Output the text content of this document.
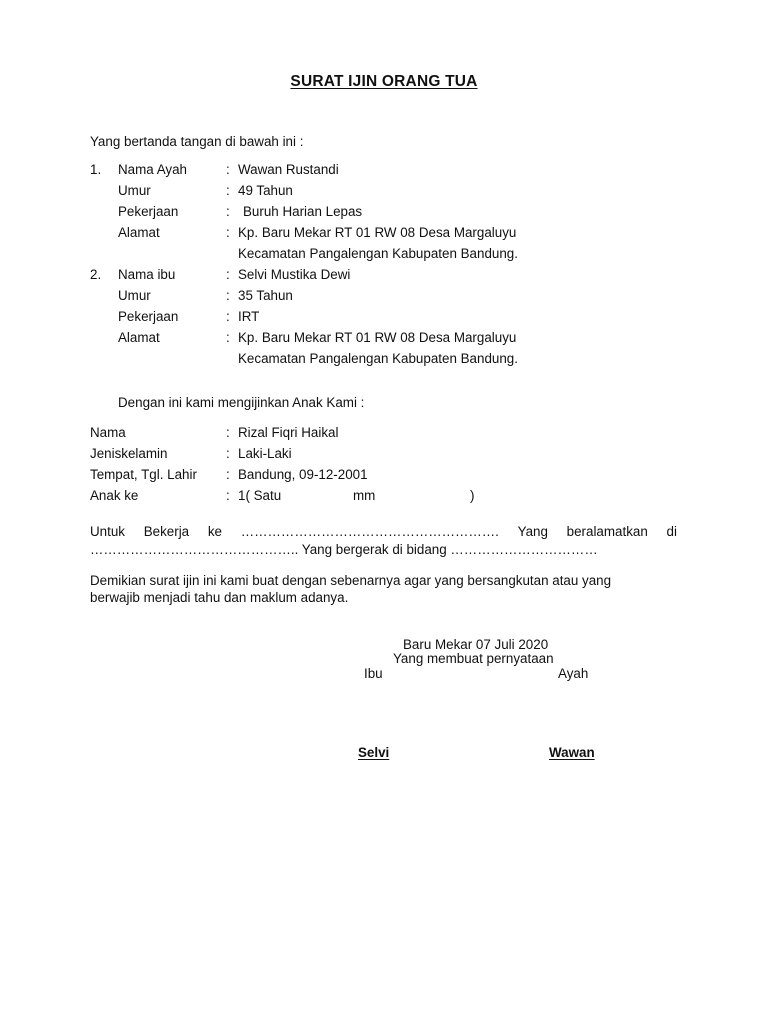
SURAT IJIN ORANG TUA
Yang bertanda tangan di bawah ini :
1. Nama Ayah	: Wawan Rustandi
Umur	: 49 Tahun
Pekerjaan	: Buruh Harian Lepas
Alamat	: Kp. Baru Mekar RT 01 RW 08 Desa Margaluyu
Kecamatan Pangalengan Kabupaten Bandung.
2. Nama ibu	: Selvi Mustika Dewi
Umur	: 35 Tahun
Pekerjaan	: IRT
Alamat	: Kp. Baru Mekar RT 01 RW 08 Desa Margaluyu
Kecamatan Pangalengan Kabupaten Bandung.
Dengan ini kami mengijinkan Anak Kami :
Nama	: Rizal Fiqri Haikal
Jeniskelamin	: Laki-Laki
Tempat, Tgl. Lahir : Bandung, 09-12-2001
Anak ke	: 1( Satu	mm	)
Untuk Bekerja ke …………………………………………………. Yang beralamatkan di
……………………………………….. Yang bergerak di bidang ……………………………
Demikian surat ijin ini kami buat dengan sebenarnya agar yang bersangkutan atau yang
berwajib menjadi tahu dan maklum adanya.
Baru Mekar 07 Juli 2020
Yang membuat pernyataan
Ibu	Ayah
Selvi	Wawan
